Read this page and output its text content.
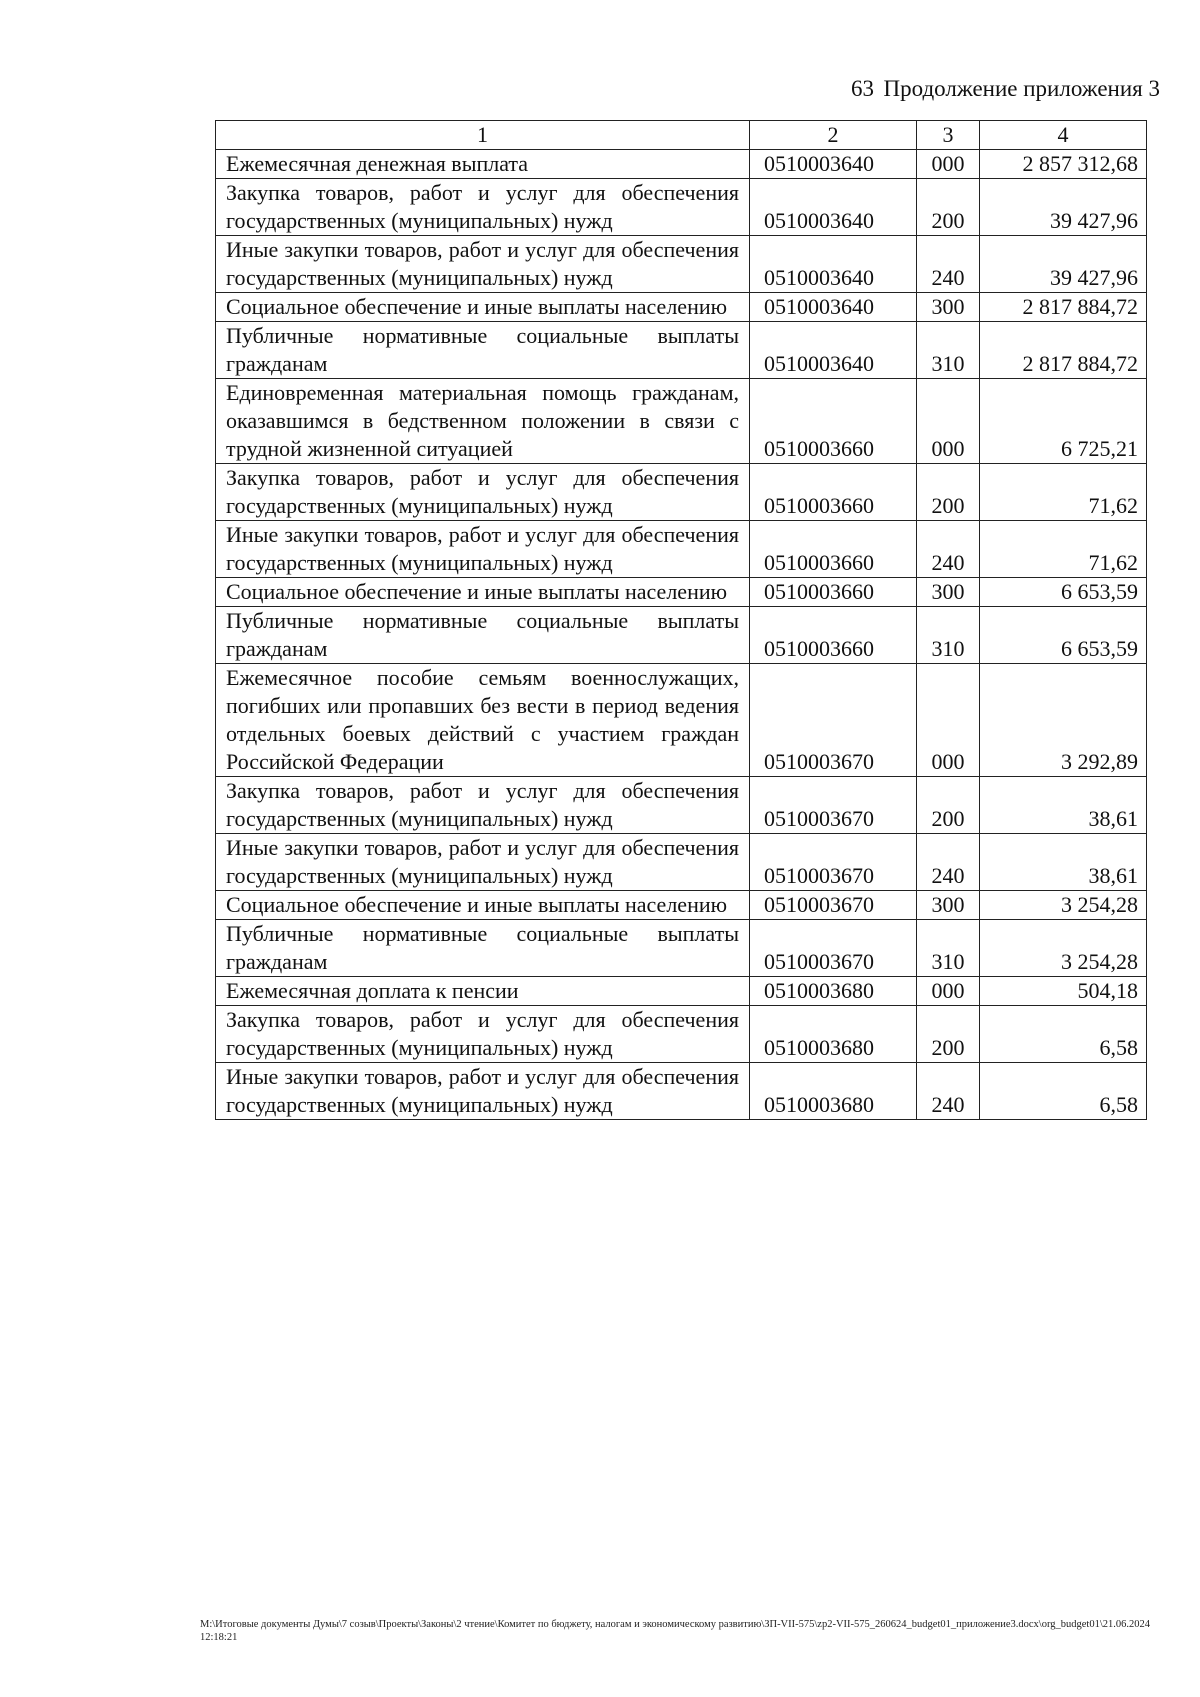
63 Продолжение приложения 3
1	2	3	4
Ежемесячная денежная выплата	0510003640	000	2 857 312,68
Закупка товаров, работ и услуг для обеспечения государственных (муниципальных) нужд	0510003640	200	39 427,96
Иные закупки товаров, работ и услуг для обеспечения государственных (муниципальных) нужд	0510003640	240	39 427,96
Социальное обеспечение и иные выплаты населению	0510003640	300	2 817 884,72
Публичные нормативные социальные выплаты гражданам	0510003640	310	2 817 884,72
Единовременная материальная помощь гражданам, оказавшимся в бедственном положении в связи с трудной жизненной ситуацией	0510003660	000	6 725,21
Закупка товаров, работ и услуг для обеспечения государственных (муниципальных) нужд	0510003660	200	71,62
Иные закупки товаров, работ и услуг для обеспечения государственных (муниципальных) нужд	0510003660	240	71,62
Социальное обеспечение и иные выплаты населению	0510003660	300	6 653,59
Публичные нормативные социальные выплаты гражданам	0510003660	310	6 653,59
Ежемесячное пособие семьям военнослужащих, погибших или пропавших без вести в период ведения отдельных боевых действий с участием граждан Российской Федерации	0510003670	000	3 292,89
Закупка товаров, работ и услуг для обеспечения государственных (муниципальных) нужд	0510003670	200	38,61
Иные закупки товаров, работ и услуг для обеспечения государственных (муниципальных) нужд	0510003670	240	38,61
Социальное обеспечение и иные выплаты населению	0510003670	300	3 254,28
Публичные нормативные социальные выплаты гражданам	0510003670	310	3 254,28
Ежемесячная доплата к пенсии	0510003680	000	504,18
Закупка товаров, работ и услуг для обеспечения государственных (муниципальных) нужд	0510003680	200	6,58
Иные закупки товаров, работ и услуг для обеспечения государственных (муниципальных) нужд	0510003680	240	6,58
М:\Итоговые документы Думы\7 созыв\Проекты\Законы\2 чтение\Комитет по бюджету, налогам и экономическому развитию\ЗП-VII-575\zp2-VII-575_260624_budget01_приложение3.docx\org_budget01\21.06.2024 12:18:21
